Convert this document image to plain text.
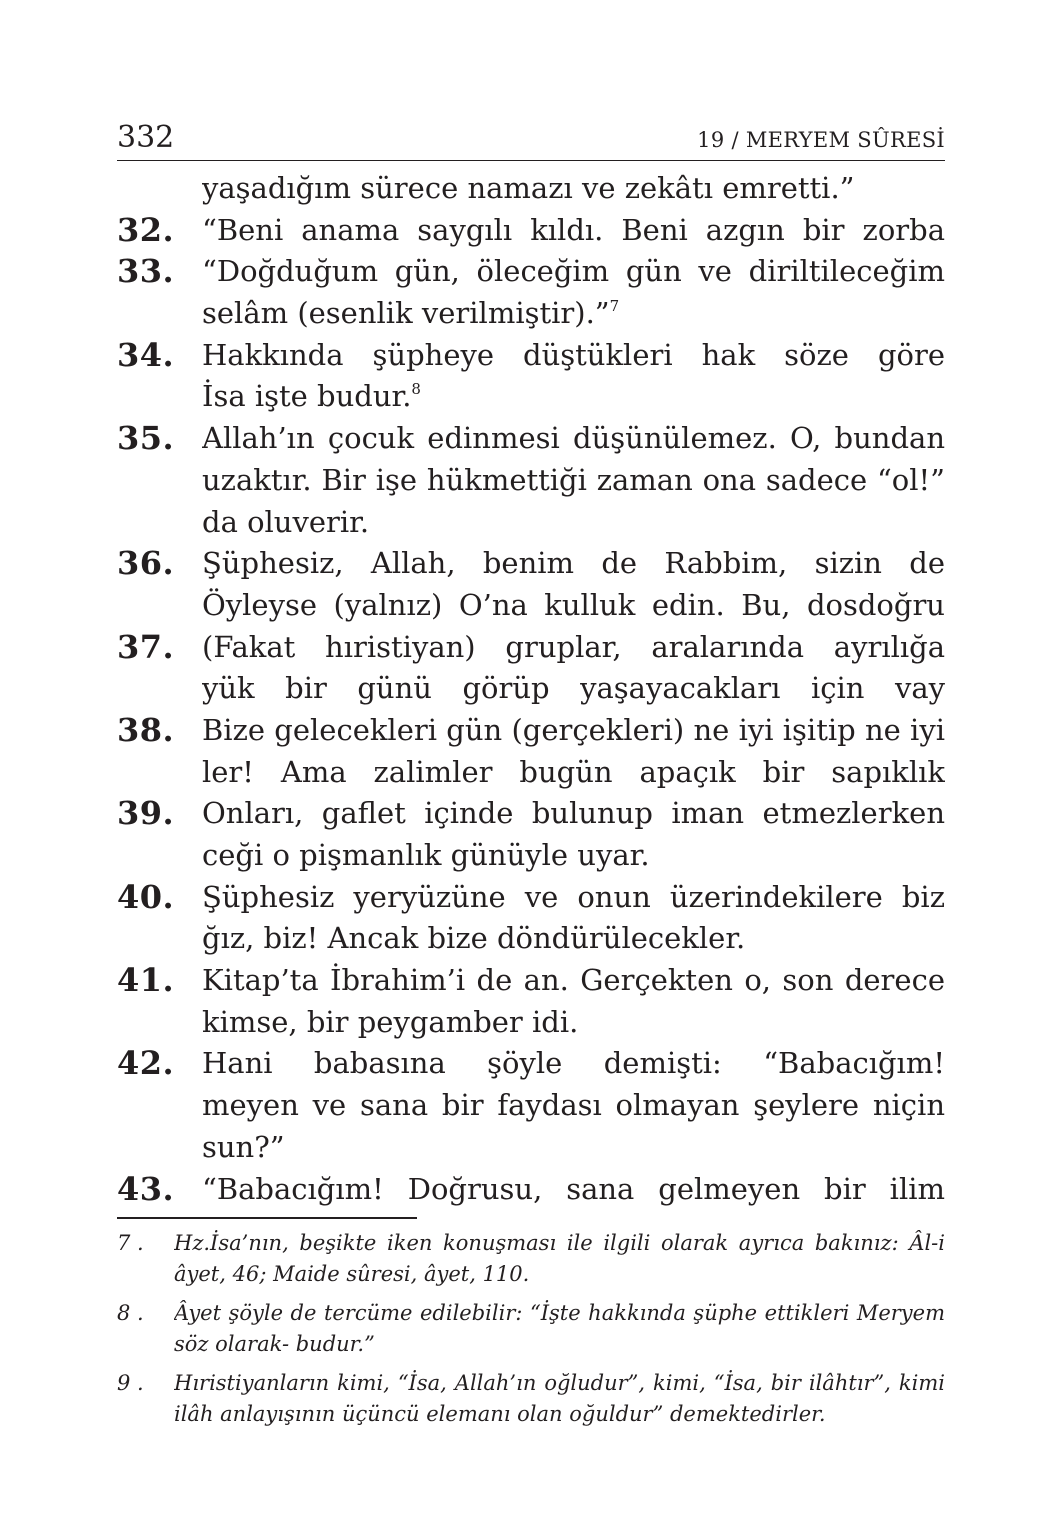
332	19 / MERYEM SÛRESİ
yaşadığım sürece namazı ve zekâtı emretti.”
32. “Beni anama saygılı kıldı. Beni azgın bir zorba
33. “Doğduğum gün, öleceğim gün ve diriltileceğim
selâm (esenlik verilmiştir).”$^7$
34. Hakkında şüpheye düştükleri hak söze göre
İsa işte budur.$^8$
35. Allah’ın çocuk edinmesi düşünülemez. O, bundan
uzaktır. Bir işe hükmettiği zaman ona sadece “ol!”
da oluverir.
36. Şüphesiz, Allah, benim de Rabbim, sizin de
Öyleyse (yalnız) O’na kulluk edin. Bu, dosdoğru
37. (Fakat hıristiyan) gruplar, aralarında ayrılığa
yük bir günü görüp yaşayacakları için vay
38. Bize gelecekleri gün (gerçekleri) ne iyi işitip ne iyi
ler! Ama zalimler bugün apaçık bir sapıklık
39. Onları, gaflet içinde bulunup iman etmezlerken
ceği o pişmanlık günüyle uyar.
40. Şüphesiz yeryüzüne ve onun üzerindekilere biz
ğız, biz! Ancak bize döndürülecekler.
41. Kitap’ta İbrahim’i de an. Gerçekten o, son derece
kimse, bir peygamber idi.
42. Hani babasına şöyle demişti: “Babacığım!
meyen ve sana bir faydası olmayan şeylere niçin
sun?”
43. “Babacığım! Doğrusu, sana gelmeyen bir ilim
7 . Hz.İsa’nın, beşikte iken konuşması ile ilgili olarak ayrıca bakınız: Âl-i
âyet, 46; Maide sûresi, âyet, 110.
8 . Âyet şöyle de tercüme edilebilir: “İşte hakkında şüphe ettikleri Meryem
söz olarak- budur.”
9 . Hıristiyanların kimi, “İsa, Allah’ın oğludur”, kimi, “İsa, bir ilâhtır”, kimi
ilâh anlayışının üçüncü elemanı olan oğuldur” demektedirler.
